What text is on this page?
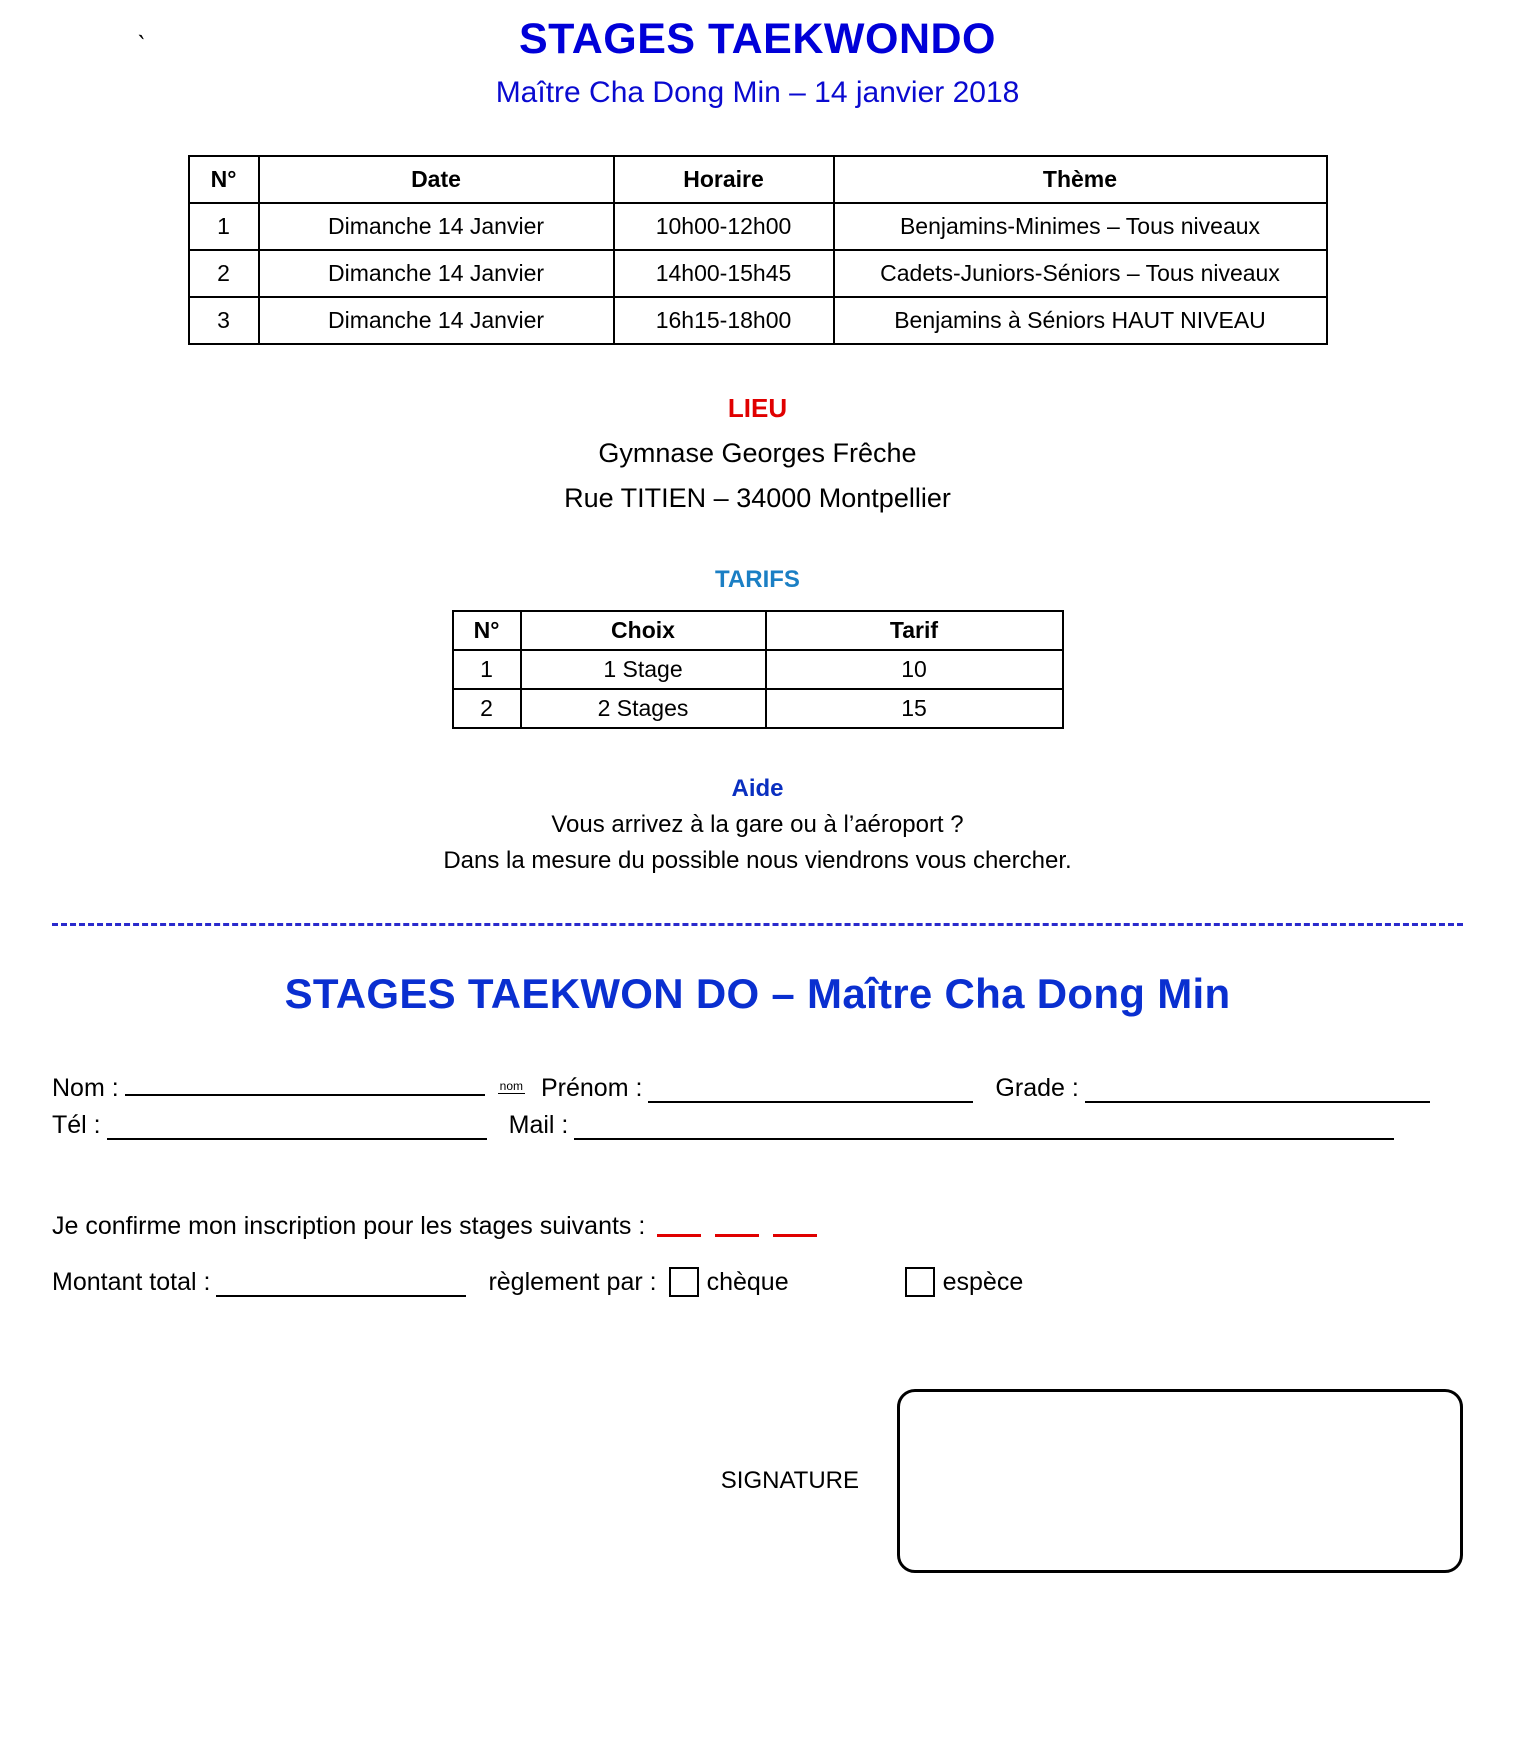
`	STAGES TAEKWONDO
Maître Cha Dong Min – 14 janvier 2018
N°	Date	Horaire	Thème
1	Dimanche 14 Janvier	10h00-12h00	Benjamins-Minimes – Tous niveaux
2	Dimanche 14 Janvier	14h00-15h45	Cadets-Juniors-Séniors – Tous niveaux
3	Dimanche 14 Janvier	16h15-18h00	Benjamins à Séniors HAUT NIVEAU
LIEU
Gymnase Georges Frêche
Rue TITIEN – 34000 Montpellier
TARIFS
N°	Choix	Tarif
1	1 Stage	10
2	2 Stages	15
Aide
Vous arrivez à la gare ou à l’aéroport ?
Dans la mesure du possible nous viendrons vous chercher.
STAGES TAEKWON DO – Maître Cha Dong Min
Nom :	$^{nom}$ Prénom :	Grade :
Tél :	Mail :
Je confirme mon inscription pour les stages suivants :
Montant total :	règlement par : chèque	espèce
SIGNATURE
